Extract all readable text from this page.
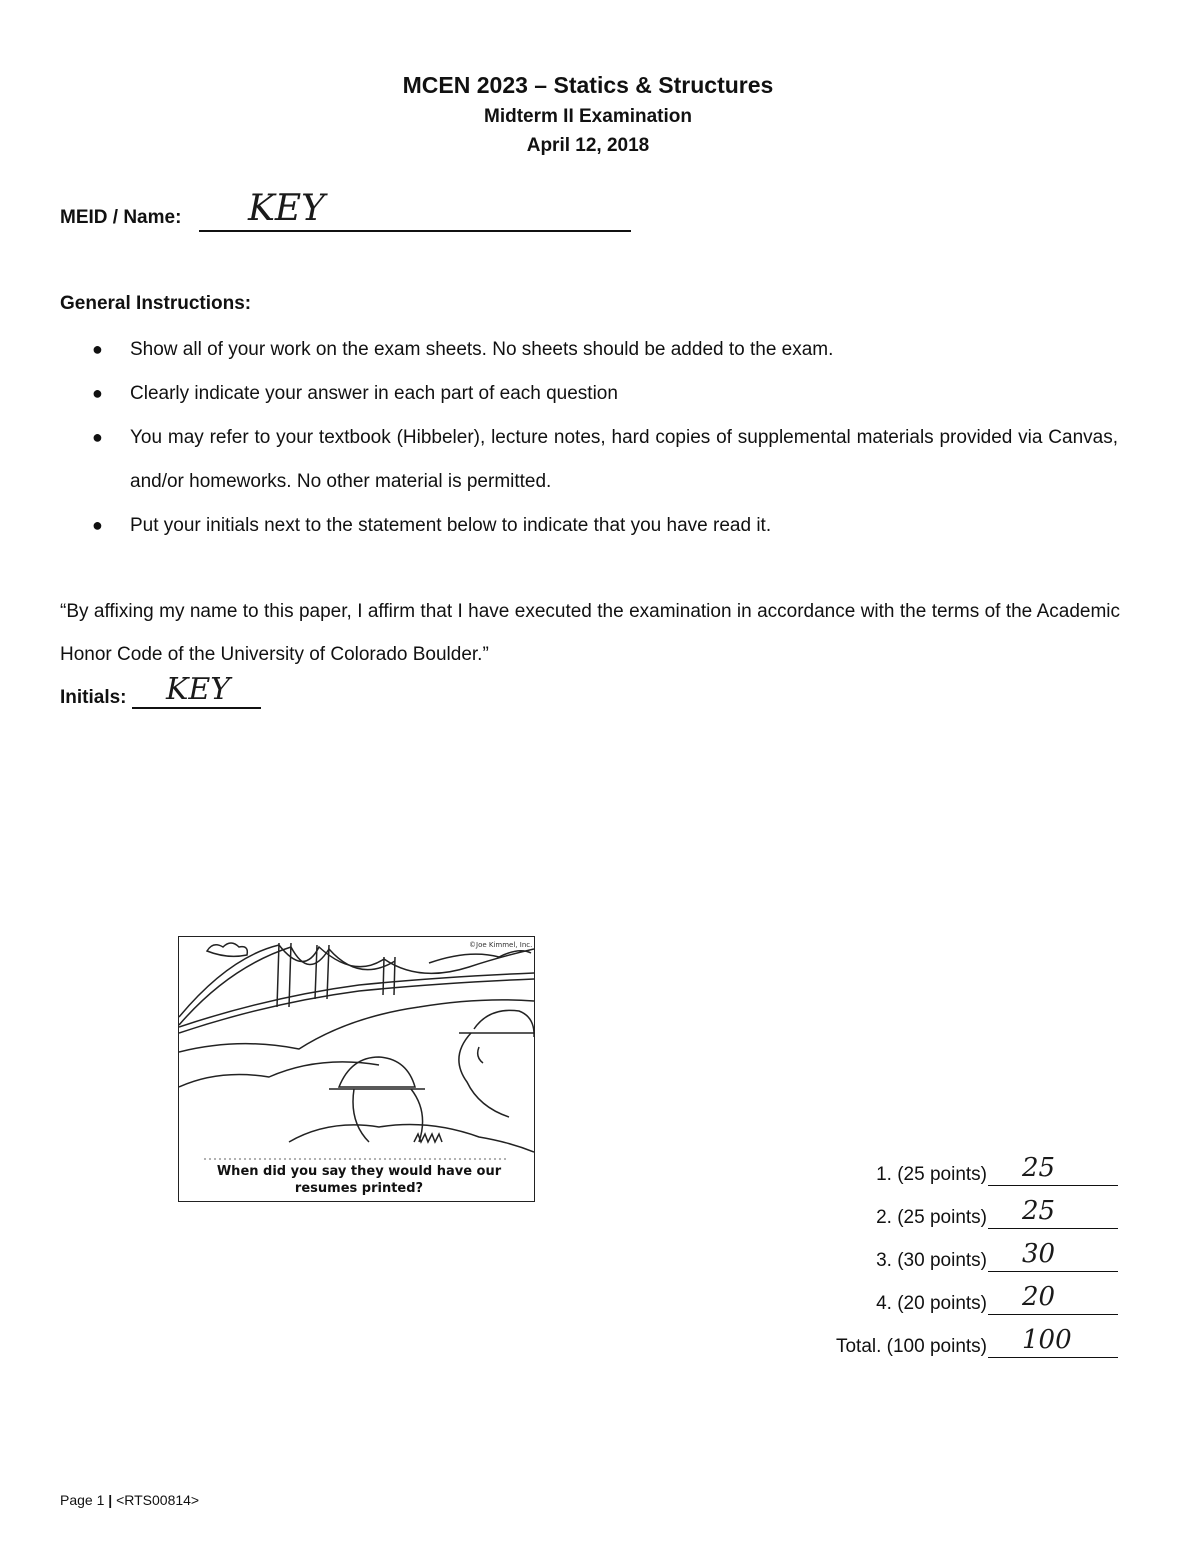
MCEN 2023 – Statics & Structures
Midterm II Examination
April 12, 2018
MEID / Name: KEY
General Instructions:
● Show all of your work on the exam sheets. No sheets should be added to the exam.
● Clearly indicate your answer in each part of each question
● You may refer to your textbook (Hibbeler), lecture notes, hard copies of supplemental materials provided via Canvas, and/or homeworks. No other material is permitted.
● Put your initials next to the statement below to indicate that you have read it.
“By affixing my name to this paper, I affirm that I have executed the examination in accordance with the terms of the Academic Honor Code of the University of Colorado Boulder.”
Initials: KEY
©Joe Kimmel, Inc.
When did you say they would have our resumes printed?
1. (25 points) 25
2. (25 points) 25
3. (30 points) 30
4. (20 points) 20
Total. (100 points) 100
Page 1 | <RTS00814>
